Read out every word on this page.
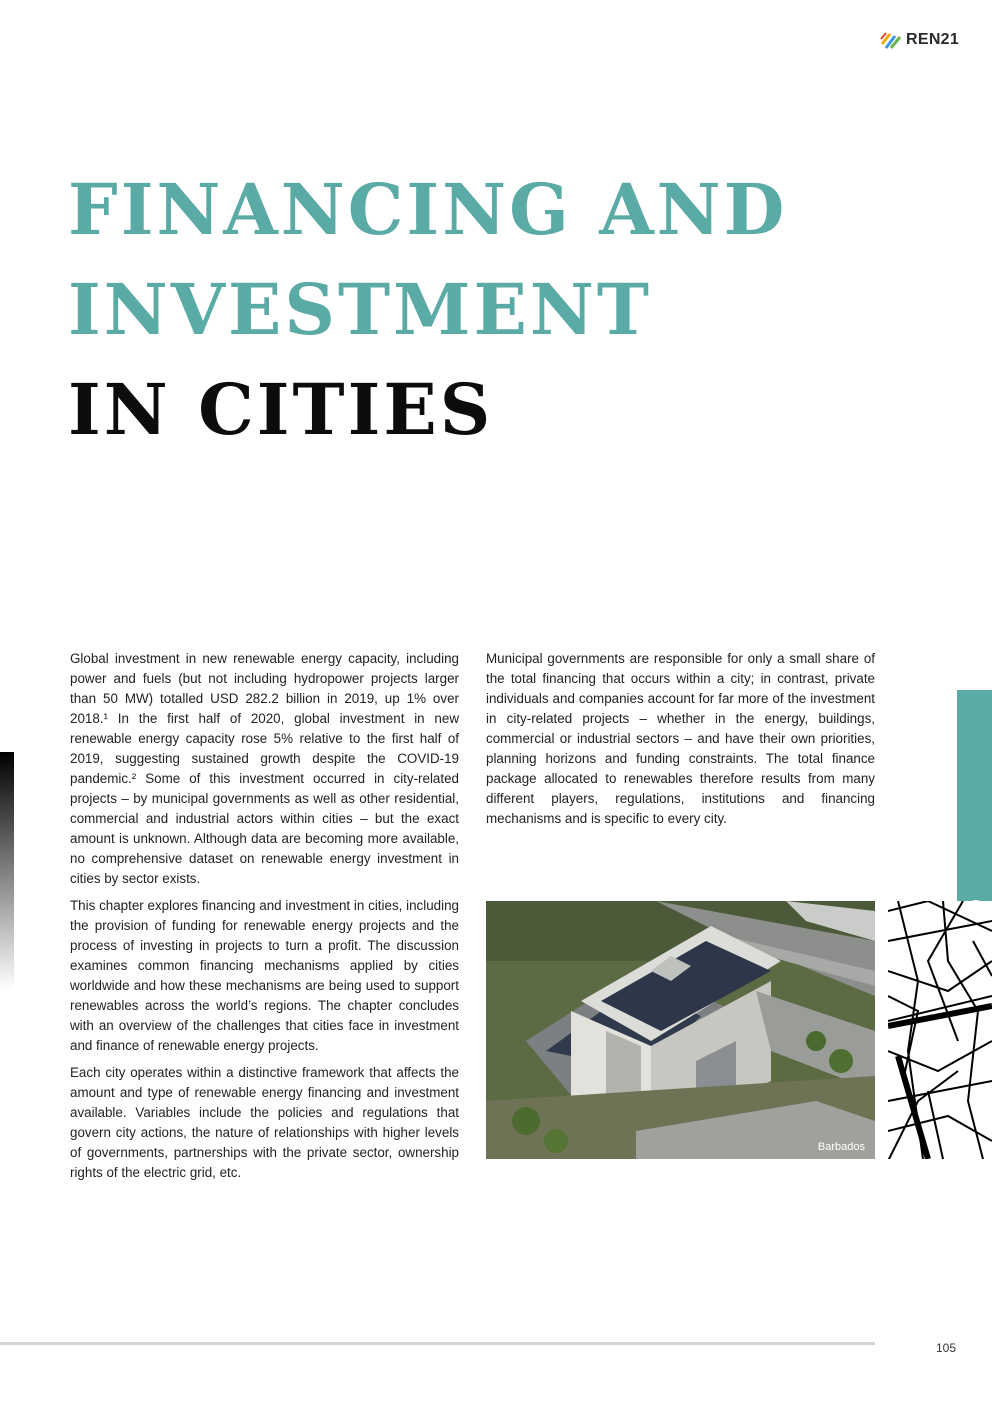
REN21
FINANCING AND
INVESTMENT
IN CITIES

Global investment in new renewable energy capacity, including power and fuels (but not including hydropower projects larger than 50 MW) totalled USD 282.2 billion in 2019, up 1% over 2018.¹ In the first half of 2020, global investment in new renewable energy capacity rose 5% relative to the first half of 2019, suggesting sustained growth despite the COVID-19 pandemic.² Some of this investment occurred in city-related projects – by municipal governments as well as other residential, commercial and industrial actors within cities – but the exact amount is unknown. Although data are becoming more available, no comprehensive dataset on renewable energy investment in cities by sector exists.

This chapter explores financing and investment in cities, including the provision of funding for renewable energy projects and the process of investing in projects to turn a profit. The discussion examines common financing mechanisms applied by cities worldwide and how these mechanisms are being used to support renewables across the world’s regions. The chapter concludes with an overview of the challenges that cities face in investment and finance of renewable energy projects.

Each city operates within a distinctive framework that affects the amount and type of renewable energy financing and investment available. Variables include the policies and regulations that govern city actions, the nature of relationships with higher levels of governments, partnerships with the private sector, ownership rights of the electric grid, etc.

Municipal governments are responsible for only a small share of the total financing that occurs within a city; in contrast, private individuals and companies account for far more of the investment in city-related projects – whether in the energy, buildings, commercial or industrial sectors – and have their own priorities, planning horizons and funding constraints. The total finance package allocated to renewables therefore results from many different players, regulations, institutions and financing mechanisms and is specific to every city.

Barbados
105
